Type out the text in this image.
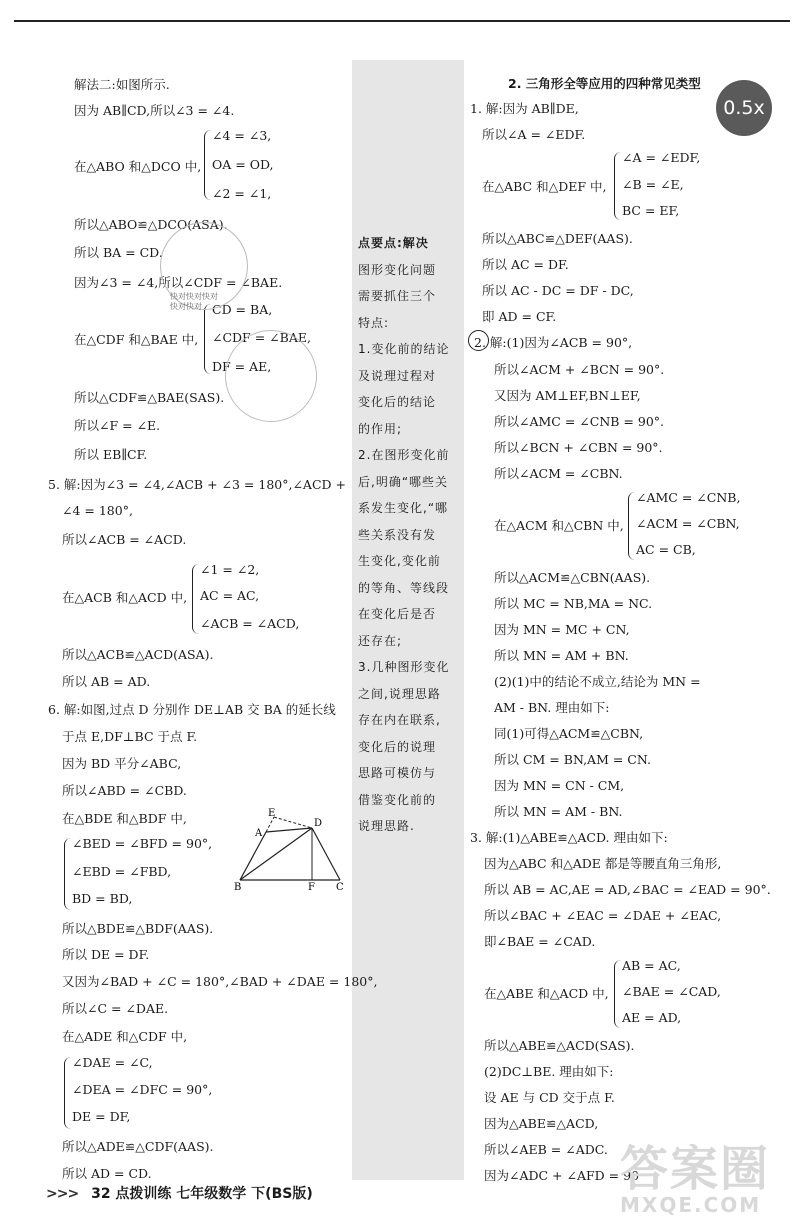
0.5x
2. 三角形全等应用的四种常见类型
解法二:如图所示.
因为 AB∥CD,所以∠3 = ∠4.
∠4 = ∠3,
在△ABO 和△DCO 中, OA = OD,
∠2 = ∠1,
所以△ABO≌△DCO(ASA).
所以 BA = CD.
因为∠3 = ∠4,所以∠CDF = ∠BAE.
CD = BA,
在△CDF 和△BAE 中, ∠CDF = ∠BAE,
DF = AE,
所以△CDF≌△BAE(SAS).
所以∠F = ∠E.
所以 EB∥CF.
5. 解:因为∠3 = ∠4,∠ACB + ∠3 = 180°,∠ACD +
∠4 = 180°,
所以∠ACB = ∠ACD.
∠1 = ∠2,
在△ACB 和△ACD 中, AC = AC,
∠ACB = ∠ACD,
所以△ACB≌△ACD(ASA).
所以 AB = AD.
6. 解:如图,过点 D 分别作 DE⊥AB 交 BA 的延长线
于点 E,DF⊥BC 于点 F.
因为 BD 平分∠ABC,
所以∠ABD = ∠CBD.
在△BDE 和△BDF 中,
∠BED = ∠BFD = 90°,
∠EBD = ∠FBD,
BD = BD,
所以△BDE≌△BDF(AAS).
所以 DE = DF.
又因为∠BAD + ∠C = 180°,∠BAD + ∠DAE = 180°,
所以∠C = ∠DAE.
在△ADE 和△CDF 中,
∠DAE = ∠C,
∠DEA = ∠DFC = 90°,
DE = DF,
所以△ADE≌△CDF(AAS).
所以 AD = CD.
快对快对快对
快对快对
E
A
D
B	F C
点要点:解决
图形变化问题
需要抓住三个
特点:
1.变化前的结论
及说理过程对
变化后的结论
的作用;
2.在图形变化前
后,明确“哪些关
系发生变化,“哪
些关系没有发
生变化,变化前
的等角、等线段
在变化后是否
还存在;
3.几种图形变化
之间,说理思路
存在内在联系,
变化后的说理
思路可模仿与
借鉴变化前的
说理思路.
1. 解:因为 AB∥DE,
所以∠A = ∠EDF.
∠A = ∠EDF,
在△ABC 和△DEF 中, ∠B = ∠E,
BC = EF,
所以△ABC≌△DEF(AAS).
所以 AC = DF.
所以 AC - DC = DF - DC,
即 AD = CF.
2. 解:(1)因为∠ACB = 90°,
所以∠ACM + ∠BCN = 90°.
又因为 AM⊥EF,BN⊥EF,
所以∠AMC = ∠CNB = 90°.
所以∠BCN + ∠CBN = 90°.
所以∠ACM = ∠CBN.
∠AMC = ∠CNB,
在△ACM 和△CBN 中, ∠ACM = ∠CBN,
AC = CB,
所以△ACM≌△CBN(AAS).
所以 MC = NB,MA = NC.
因为 MN = MC + CN,
所以 MN = AM + BN.
(2)(1)中的结论不成立,结论为 MN =
AM - BN. 理由如下:
同(1)可得△ACM≌△CBN,
所以 CM = BN,AM = CN.
因为 MN = CN - CM,
所以 MN = AM - BN.
3. 解:(1)△ABE≌△ACD. 理由如下:
因为△ABC 和△ADE 都是等腰直角三角形,
所以 AB = AC,AE = AD,∠BAC = ∠EAD = 90°.
所以∠BAC + ∠EAC = ∠DAE + ∠EAC,
即∠BAE = ∠CAD.
AB = AC,
在△ABE 和△ACD 中, ∠BAE = ∠CAD,
AE = AD,
所以△ABE≌△ACD(SAS).
(2)DC⊥BE. 理由如下:
设 AE 与 CD 交于点 F.
因为△ABE≌△ACD,
所以∠AEB = ∠ADC.
因为∠ADC + ∠AFD = 90
答案圈
MXQE.COM
>>> 32 点拨训练 七年级数学 下(BS版)
